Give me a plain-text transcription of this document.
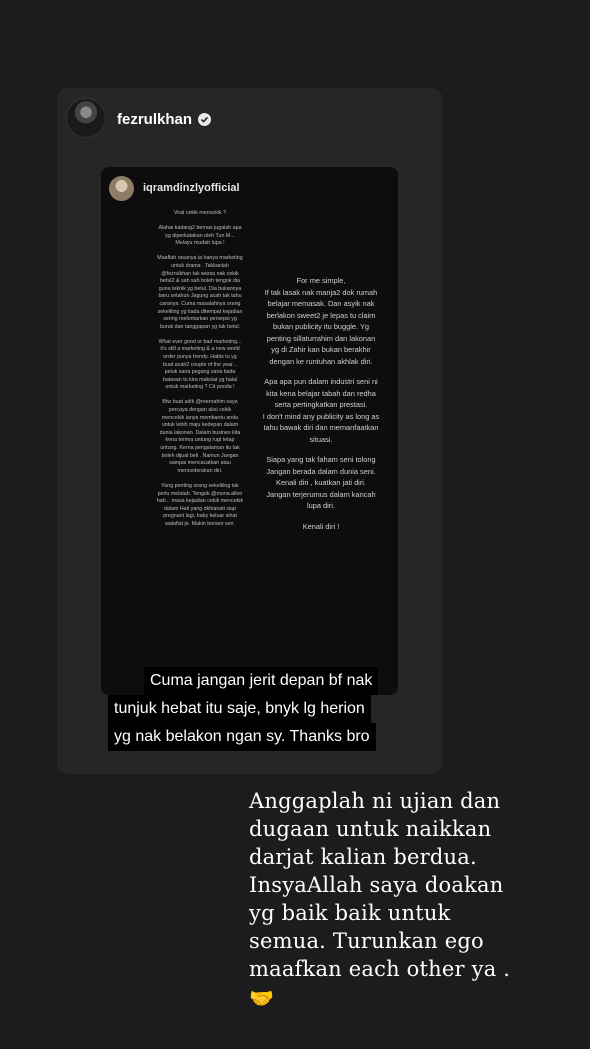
fezrulkhan
iqramdinzlyofficial

Viral cekik mencekik ?

Alahai kadang2 bernas jugalah apa
yg diperkatakan oleh Tun M...
Melayu mudah lupa !

Maaflah rasanya ia hanya marketing
untuk drama . Takkanlah
@fezrulkhan tak waras nak cekik
betul2 & sah sah boleh tengok dia
guna teknik yg betul. Dia bukannya
baru setahun Jagung acah tak tahu
caranya. Cuma masalahnya orang
sekeliling yg tiada ditempat kejadian
sering melontarkan persepsi yg
buruk dan tanggapan yg tak betul.

What ever good or bad marketing...
it's still a marketing & a new world
order punya trendy. Habis tu yg
buat acah2 couple of the year...
peluk sana pegang sana tiada
batasan tu kira maksiat yg halal
untuk marketing ? Cit pooda !

Btw buat adik @reenrahim saya
percaya dengan aksi cekik
mencekik ianya membantu anda
untuk lebih maju kedepan dalam
dunia lakonan. Dalam busines kita
kena terima untung rugi tetap
untung. Kerna pengalaman itu tak
boleh dijual beli . Namun Jangan
sampai mencacatkan atau
mencederakan diri.

Yang penting orang sekeliling tak
perlu melatah. Tengok @mona.allen
hah... masa kejadian cekik mencekik
dalam Hati yang dkhianati siap
pregnant lagi, baby keluar sihat
walafiat je. Makin berseri seri.

For me simple,
If tak lasak nak manja2 dok rumah
belajar memasak. Dan asyik nak
berlakon sweet2 je lepas tu claim
bukan publicity itu buggle. Yg
penting sillaturrahim dan lakonan
yg di Zahir kan bukan berakhir
dengan ke runtuhan akhlak diri.

Apa apa pun dalam industri seni ni
kita kena belajar tabah dan redha
serta pertingkatkan prestasi.
I don't mind any publicity as long as
tahu bawak diri dan memanfaatkan
situasi.

Siapa yang tak faham seni tolong
Jangan berada dalam dunia seni.
Kenali diri , kuatkan jati diri.
Jangan terjerumus dalam kancah
lupa diri.

Kenali diri !

Cuma jangan jerit depan bf nak
tunjuk hebat itu saje, bnyk lg herion
yg nak belakon ngan sy. Thanks bro
Anggaplah ni ujian dan
dugaan untuk naikkan
darjat kalian berdua.
InsyaAllah saya doakan
yg baik baik untuk
semua. Turunkan ego
maafkan each other ya .
🤝
